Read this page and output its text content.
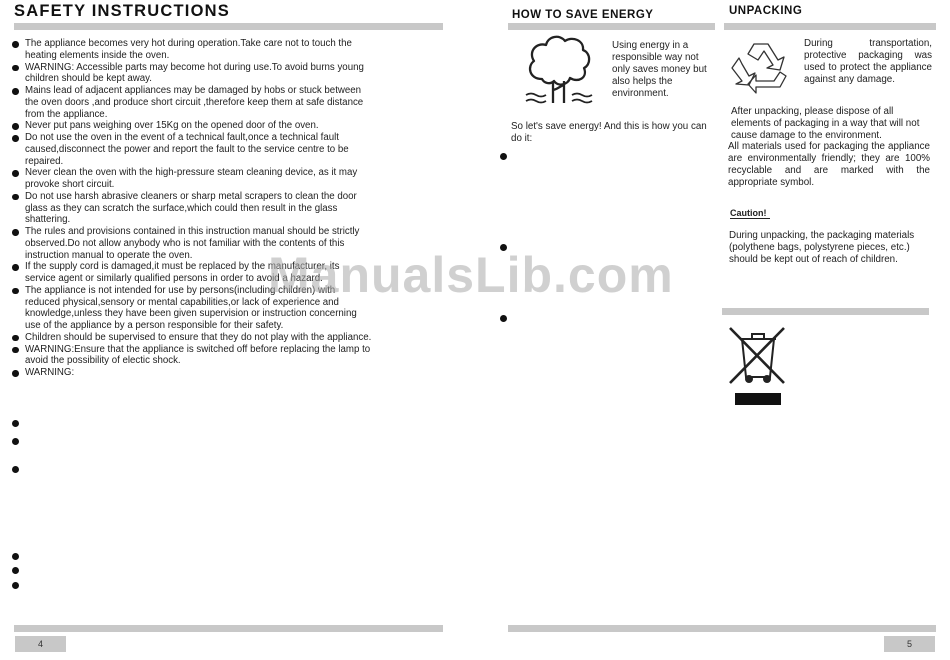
SAFETY INSTRUCTIONS
The appliance becomes very hot during operation.Take care not to touch the heating elements inside the oven.
WARNING: Accessible parts may become hot during use.To avoid burns young children should be kept away.
Mains lead of adjacent appliances may be damaged by hobs or stuck between the oven doors ,and produce short circuit ,therefore keep them at safe distance from the appliance.
Never put pans weighing over 15Kg on the opened door of the oven.
Do not use the oven in the event of a technical fault,once a technical fault caused,disconnect the power and report the fault to the service centre to be repaired.
Never clean the oven with the high-pressure steam cleaning device, as it may provoke short circuit.
Do not use harsh abrasive cleaners or sharp metal scrapers to clean the door glass as they can scratch the surface,which could then result in the glass shattering.
The rules and provisions contained in this instruction manual should be strictly observed.Do not allow anybody who is not familiar with the contents of this instruction manual to operate the oven.
If the supply cord is damaged,it must be replaced by the manufacturer, its service agent or similarly qualified persons in order to avoid a hazard.
The appliance is not intended for use by persons(including children) with reduced physical,sensory or mental capabilities,or lack of experience and knowledge,unless they have been given supervision or instruction concerning use of the appliance by a person responsible for their safety.
Children should be supervised to ensure that they do not play with the appliance.
WARNING:Ensure that the appliance is switched off before replacing the lamp to avoid the possibility of electic shock.
WARNING:
4
HOW TO SAVE ENERGY
Using energy in a responsible way not only saves money but also helps the environment.
So let's save energy! And this is how you can do it:
UNPACKING
During transportation, protective packaging was used to protect the appliance against any damage.
After unpacking, please dispose of all elements of packaging in a way that will not cause damage to the environment.
All materials used for packaging the appliance are environmentally friendly; they are 100% recyclable and are marked with the appropriate symbol.
Caution!
During unpacking, the packaging materials (polythene bags, polystyrene pieces, etc.) should be kept out of reach of children.
5
ManualsLib.com
